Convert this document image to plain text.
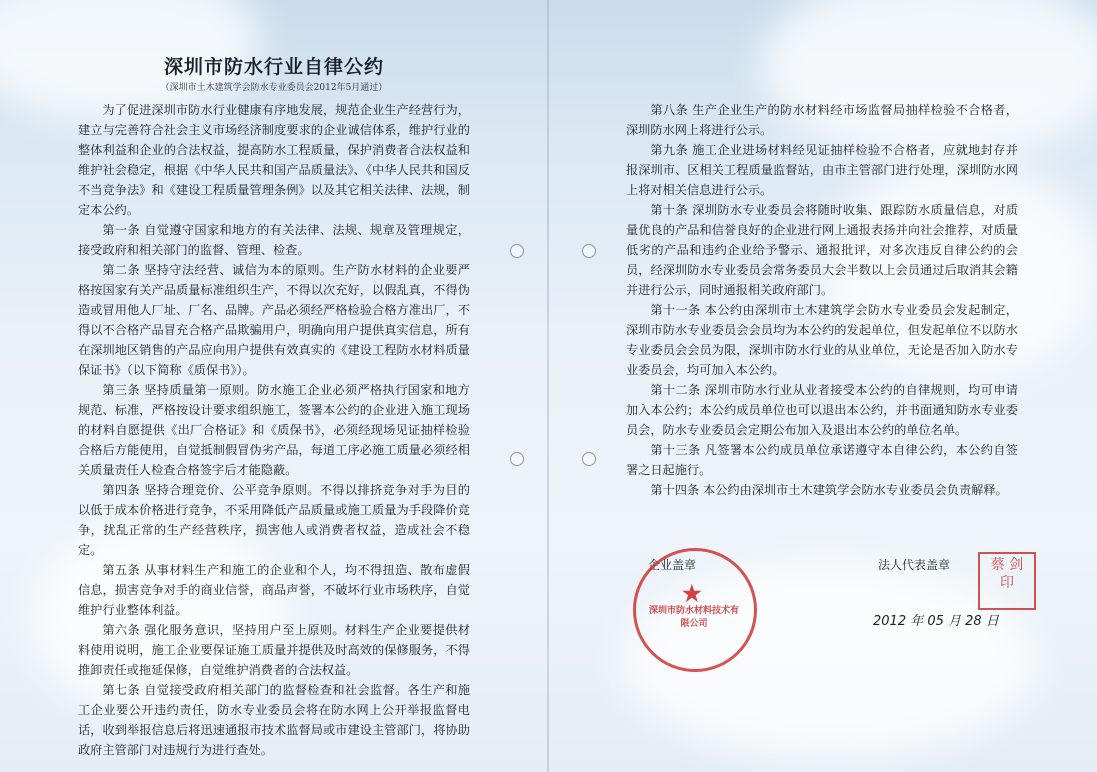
深圳市防水行业自律公约
（深圳市土木建筑学会防水专业委员会2012年5月通过）

为了促进深圳市防水行业健康有序地发展，规范企业生产经营行为，建立与完善符合社会主义市场经济制度要求的企业诚信体系，维护行业的整体利益和企业的合法权益，提高防水工程质量，保护消费者合法权益和维护社会稳定，根据《中华人民共和国产品质量法》、《中华人民共和国反不当竞争法》和《建设工程质量管理条例》以及其它相关法律、法规，制定本公约。

第一条 自觉遵守国家和地方的有关法律、法规、规章及管理规定，接受政府和相关部门的监督、管理、检查。

第二条 坚持守法经营、诚信为本的原则。生产防水材料的企业要严格按国家有关产品质量标准组织生产，不得以次充好，以假乱真，不得伪造或冒用他人厂址、厂名、品牌。产品必须经严格检验合格方准出厂，不得以不合格产品冒充合格产品欺骗用户，明确向用户提供真实信息，所有在深圳地区销售的产品应向用户提供有效真实的《建设工程防水材料质量保证书》（以下简称《质保书》）。

第三条 坚持质量第一原则。防水施工企业必须严格执行国家和地方规范、标准，严格按设计要求组织施工，签署本公约的企业进入施工现场的材料自愿提供《出厂合格证》和《质保书》，必须经现场见证抽样检验合格后方能使用，自觉抵制假冒伪劣产品，每道工序必施工质量必须经相关质量责任人检查合格签字后才能隐蔽。

第四条 坚持合理竞价、公平竞争原则。不得以排挤竞争对手为目的以低于成本价格进行竞争，不采用降低产品质量或施工质量为手段降价竞争，扰乱正常的生产经营秩序，损害他人或消费者权益，造成社会不稳定。

第五条 从事材料生产和施工的企业和个人，均不得扭造、散布虚假信息，损害竞争对手的商业信誉，商品声誉，不破坏行业市场秩序，自觉维护行业整体利益。

第六条 强化服务意识，坚持用户至上原则。材料生产企业要提供材料使用说明，施工企业要保证施工质量并提供及时高效的保修服务，不得推卸责任或拖延保修，自觉维护消费者的合法权益。

第七条 自觉接受政府相关部门的监督检查和社会监督。各生产和施工企业要公开违约责任，防水专业委员会将在防水网上公开举报监督电话，收到举报信息后将迅速通报市技术监督局或市建设主管部门，将协助政府主管部门对违规行为进行查处。

第八条 生产企业生产的防水材料经市场监督局抽样检验不合格者，深圳防水网上将进行公示。

第九条 施工企业进场材料经见证抽样检验不合格者，应就地封存并报深圳市、区相关工程质量监督站，由市主管部门进行处理，深圳防水网上将对相关信息进行公示。

第十条 深圳防水专业委员会将随时收集、跟踪防水质量信息，对质量优良的产品和信誉良好的企业进行网上通报表扬并向社会推荐，对质量低劣的产品和违约企业给予警示、通报批评，对多次违反自律公约的会员，经深圳防水专业委员会常务委员大会半数以上会员通过后取消其会籍并进行公示，同时通报相关政府部门。

第十一条 本公约由深圳市土木建筑学会防水专业委员会发起制定，深圳市防水专业委员会会员均为本公约的发起单位，但发起单位不以防水专业委员会会员为限，深圳市防水行业的从业单位，无论是否加入防水专业委员会，均可加入本公约。

第十二条 深圳市防水行业从业者接受本公约的自律规则，均可申请加入本公约；本公约成员单位也可以退出本公约，并书面通知防水专业委员会，防水专业委员会定期公布加入及退出本公约的单位名单。

第十三条 凡签署本公约成员单位承诺遵守本自律公约，本公约自签署之日起施行。

第十四条 本公约由深圳市土木建筑学会防水专业委员会负责解释。

企业盖章
深圳市防水材料技术有限公司
★
法人代表盖章	蔡 剑 印
2012 年 05 月 28 日
